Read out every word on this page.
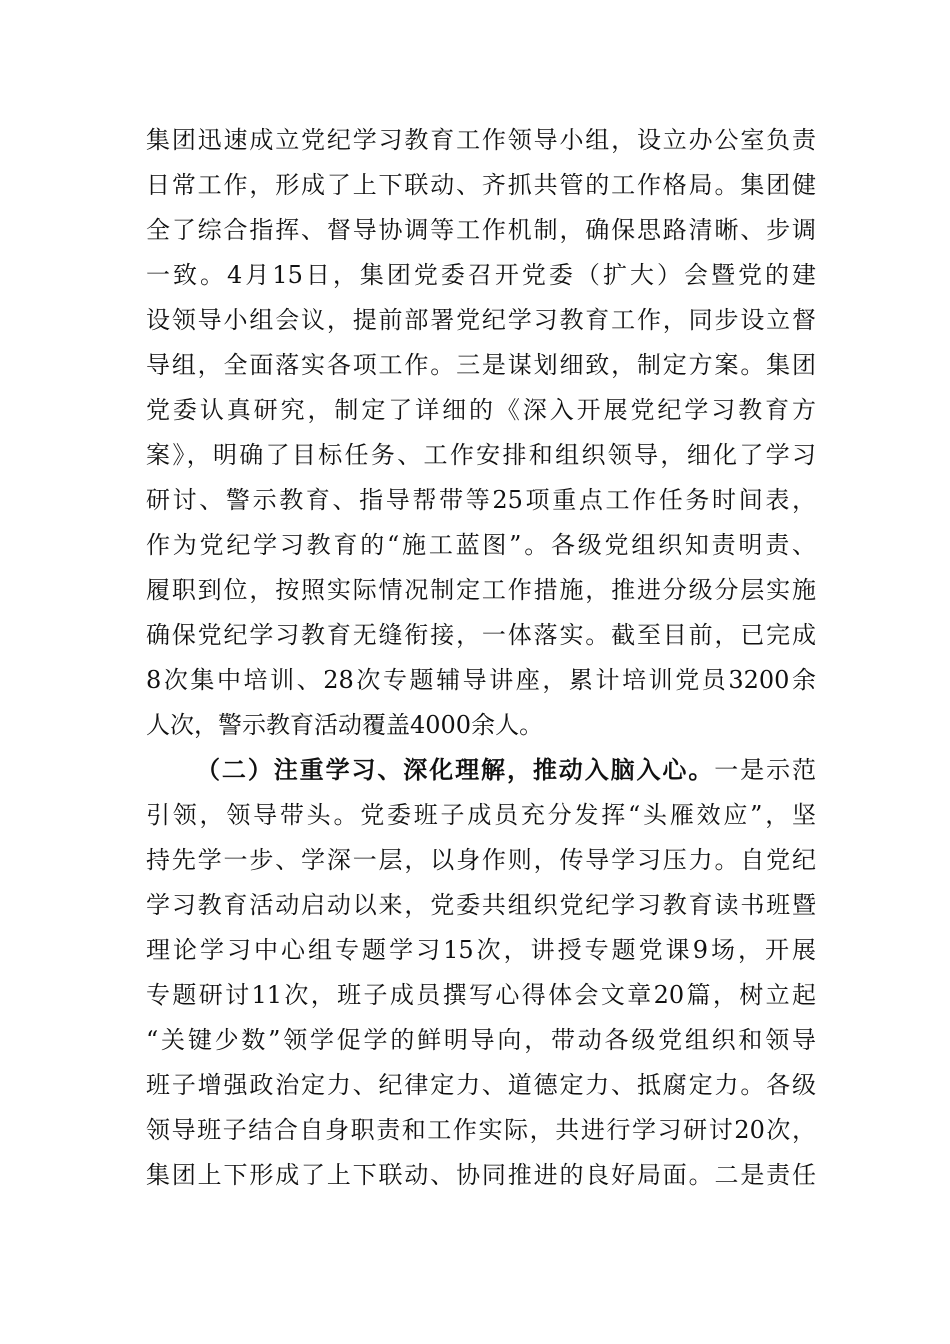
集团迅速成立党纪学习教育工作领导小组，设立办公室负责
日常工作，形成了上下联动、齐抓共管的工作格局。集团健
全了综合指挥、督导协调等工作机制，确保思路清晰、步调
一致。4月15日，集团党委召开党委（扩大）会暨党的建
设领导小组会议，提前部署党纪学习教育工作，同步设立督
导组，全面落实各项工作。三是谋划细致，制定方案。集团
党委认真研究，制定了详细的《深入开展党纪学习教育方
案》，明确了目标任务、工作安排和组织领导，细化了学习
研讨、警示教育、指导帮带等25项重点工作任务时间表，
作为党纪学习教育的“施工蓝图”。各级党组织知责明责、
履职到位，按照实际情况制定工作措施，推进分级分层实施
确保党纪学习教育无缝衔接，一体落实。截至目前，已完成
8次集中培训、28次专题辅导讲座，累计培训党员3200余
人次，警示教育活动覆盖4000余人。
（二）注重学习、深化理解，推动入脑入心。一是示范
引领，领导带头。党委班子成员充分发挥“头雁效应”，坚
持先学一步、学深一层，以身作则，传导学习压力。自党纪
学习教育活动启动以来，党委共组织党纪学习教育读书班暨
理论学习中心组专题学习15次，讲授专题党课9场，开展
专题研讨11次，班子成员撰写心得体会文章20篇，树立起
“关键少数”领学促学的鲜明导向，带动各级党组织和领导
班子增强政治定力、纪律定力、道德定力、抵腐定力。各级
领导班子结合自身职责和工作实际，共进行学习研讨20次，
集团上下形成了上下联动、协同推进的良好局面。二是责任
